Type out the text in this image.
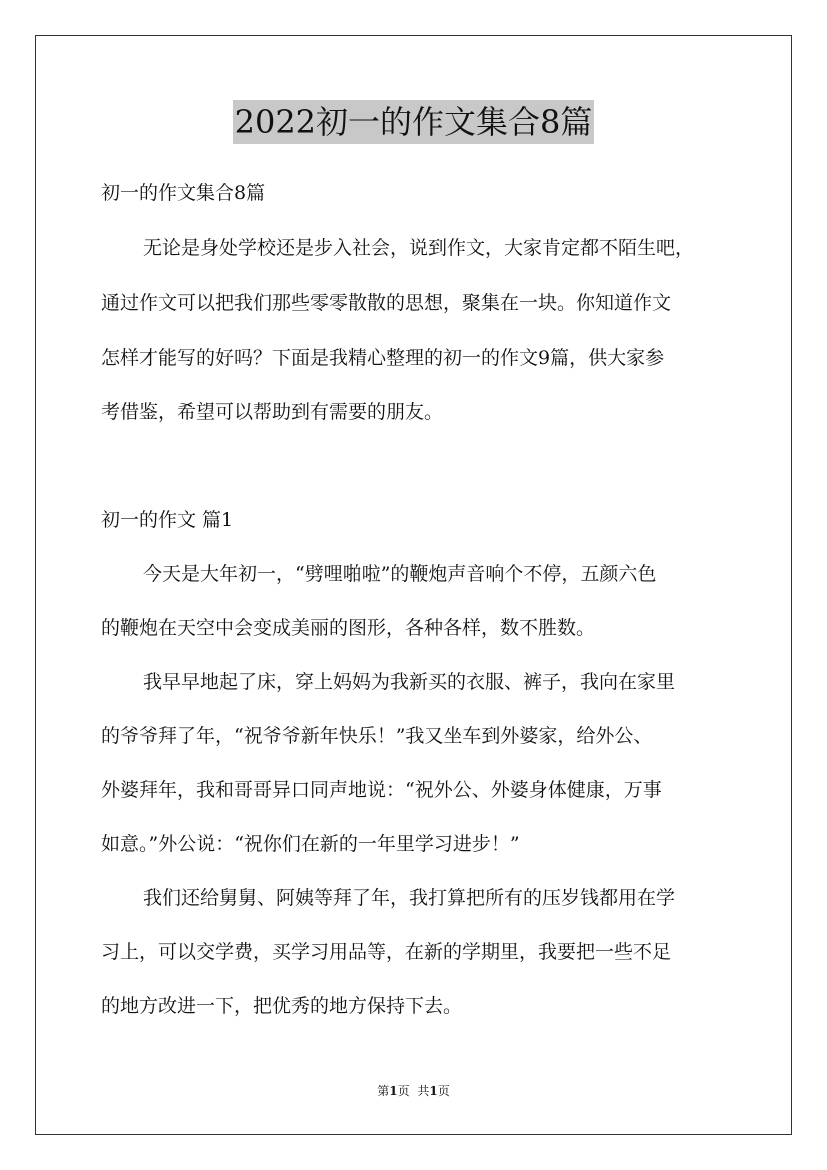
2022初一的作文集合8篇
初一的作文集合8篇
无论是身处学校还是步入社会，说到作文，大家肯定都不陌生吧，
通过作文可以把我们那些零零散散的思想，聚集在一块。你知道作文
怎样才能写的好吗？下面是我精心整理的初一的作文9篇，供大家参
考借鉴，希望可以帮助到有需要的朋友。
初一的作文 篇1
今天是大年初一，“劈哩啪啦”的鞭炮声音响个不停，五颜六色
的鞭炮在天空中会变成美丽的图形，各种各样，数不胜数。
我早早地起了床，穿上妈妈为我新买的衣服、裤子，我向在家里
的爷爷拜了年，“祝爷爷新年快乐！”我又坐车到外婆家，给外公、
外婆拜年，我和哥哥异口同声地说：“祝外公、外婆身体健康，万事
如意。”外公说：“祝你们在新的一年里学习进步！”
我们还给舅舅、阿姨等拜了年，我打算把所有的压岁钱都用在学
习上，可以交学费，买学习用品等，在新的学期里，我要把一些不足
的地方改进一下，把优秀的地方保持下去。
第1页 共1页
